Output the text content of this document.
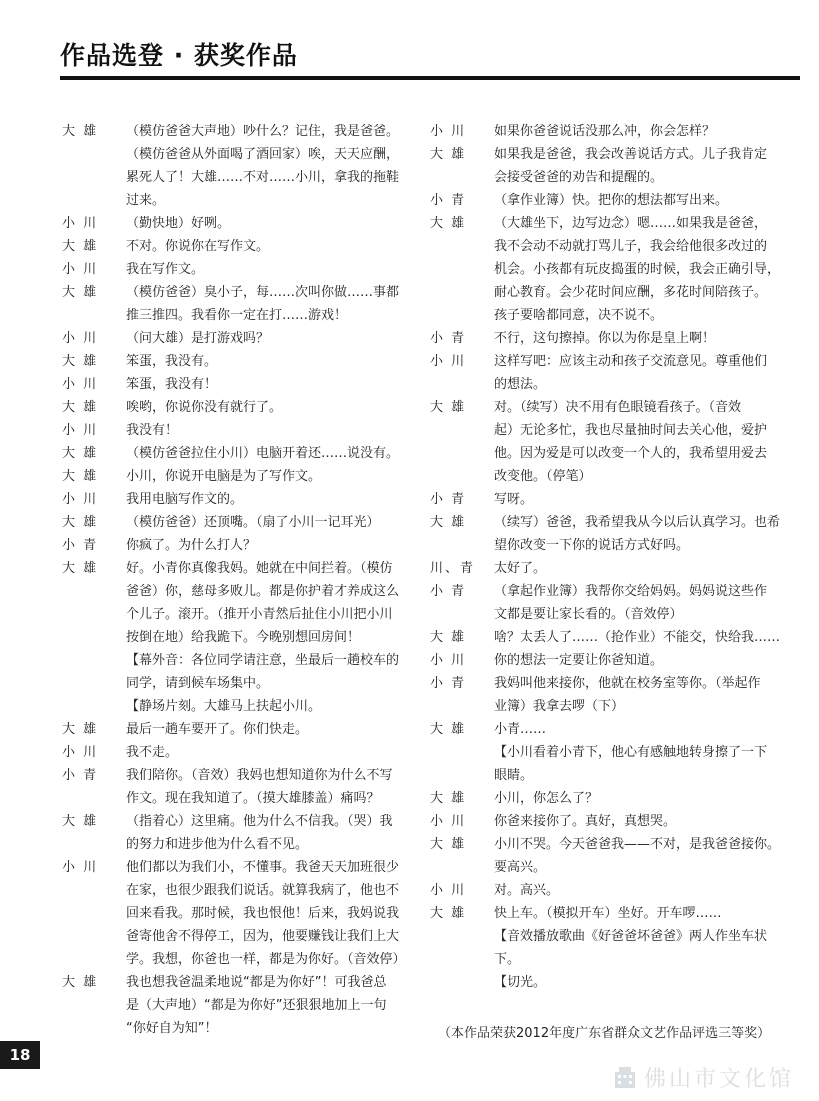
作品选登 · 获奖作品
大 雄	（模仿爸爸大声地）吵什么？记住，我是爸爸。
（模仿爸爸从外面喝了酒回家）唉，天天应酬，
累死人了！大雄……不对……小川，拿我的拖鞋
过来。
小 川	（勤快地）好咧。
大 雄	不对。你说你在写作文。
小 川	我在写作文。
大 雄	（模仿爸爸）臭小子，每……次叫你做……事都
推三推四。我看你一定在打……游戏！
小 川	（问大雄）是打游戏吗？
大 雄	笨蛋，我没有。
小 川	笨蛋，我没有！
大 雄	唉哟，你说你没有就行了。
小 川	我没有！
大 雄	（模仿爸爸拉住小川）电脑开着还……说没有。
大 雄	小川，你说开电脑是为了写作文。
小 川	我用电脑写作文的。
大 雄	（模仿爸爸）还顶嘴。（扇了小川一记耳光）
小 青	你疯了。为什么打人？
大 雄	好。小青你真像我妈。她就在中间拦着。（模仿
爸爸）你，慈母多败儿。都是你护着才养成这么
个儿子。滚开。（推开小青然后扯住小川把小川
按倒在地）给我跪下。今晚别想回房间！
【幕外音：各位同学请注意，坐最后一趟校车的
同学，请到候车场集中。
【静场片刻。大雄马上扶起小川。
大 雄	最后一趟车要开了。你们快走。
小 川	我不走。
小 青	我们陪你。（音效）我妈也想知道你为什么不写
作文。现在我知道了。（摸大雄膝盖）痛吗？
大 雄	（指着心）这里痛。他为什么不信我。（哭）我
的努力和进步他为什么看不见。
小 川	他们都以为我们小，不懂事。我爸天天加班很少
在家，也很少跟我们说话。就算我病了，他也不
回来看我。那时候，我也恨他！后来，我妈说我
爸寄他舍不得停工，因为，他要赚钱让我们上大
学。我想，你爸也一样，都是为你好。（音效停）
大 雄	我也想我爸温柔地说“都是为你好”！可我爸总
是（大声地）“都是为你好”还狠狠地加上一句
“你好自为知”！
小 川	如果你爸爸说话没那么冲，你会怎样？
大 雄	如果我是爸爸，我会改善说话方式。儿子我肯定
会接受爸爸的劝告和提醒的。
小 青	（拿作业簿）快。把你的想法都写出来。
大 雄	（大雄坐下，边写边念）嗯……如果我是爸爸，
我不会动不动就打骂儿子，我会给他很多改过的
机会。小孩都有玩皮捣蛋的时候，我会正确引导，
耐心教育。会少花时间应酬，多花时间陪孩子。
孩子要啥都同意，决不说不。
小 青	不行，这句擦掉。你以为你是皇上啊！
小 川	这样写吧：应该主动和孩子交流意见。尊重他们
的想法。
大 雄	对。（续写）决不用有色眼镜看孩子。（音效
起）无论多忙，我也尽量抽时间去关心他，爱护
他。因为爱是可以改变一个人的，我希望用爱去
改变他。（停笔）
小 青	写呀。
大 雄	（续写）爸爸，我希望我从今以后认真学习。也希
望你改变一下你的说话方式好吗。
川、青	太好了。
小 青	（拿起作业簿）我帮你交给妈妈。妈妈说这些作
文都是要让家长看的。（音效停）
大 雄	啥？太丢人了……（抢作业）不能交，快给我……
小 川	你的想法一定要让你爸知道。
小 青	我妈叫他来接你，他就在校务室等你。（举起作
业簿）我拿去啰（下）
大 雄	小青……
【小川看着小青下，他心有感触地转身擦了一下
眼睛。
大 雄	小川，你怎么了？
小 川	你爸来接你了。真好，真想哭。
大 雄	小川不哭。今天爸爸我——不对，是我爸爸接你。
要高兴。
小 川	对。高兴。
大 雄	快上车。（模拟开车）坐好。开车啰……
【音效播放歌曲《好爸爸坏爸爸》两人作坐车状
下。
【切光。
（本作品荣获2012年度广东省群众文艺作品评选三等奖）
18
佛山市文化馆
